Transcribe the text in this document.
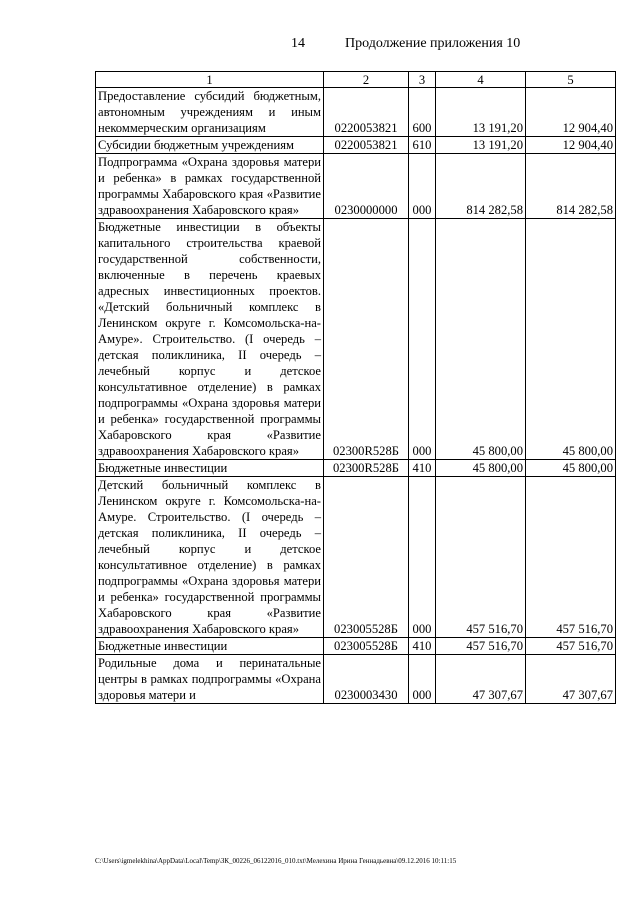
14	Продолжение приложения 10
1	2	3	4	5
Предоставление субсидий бюджетным, автономным учреждениям и иным некоммерческим организациям	0220053821	600	13 191,20	12 904,40
Субсидии бюджетным учреждениям	0220053821	610	13 191,20	12 904,40
Подпрограмма «Охрана здоровья матери и ребенка» в рамках государственной программы Хабаровского края «Развитие здравоохранения Хабаровского края»	0230000000	000	814 282,58	814 282,58
Бюджетные инвестиции в объекты капитального строительства краевой государственной собственности, включенные в перечень краевых адресных инвестиционных проектов. «Детский больничный комплекс в Ленинском округе г. Комсомольска-на-Амуре». Строительство. (I очередь – детская поликлиника, II очередь – лечебный корпус и детское консультативное отделение) в рамках подпрограммы «Охрана здоровья матери и ребенка» государственной программы Хабаровского края «Развитие здравоохранения Хабаровского края»	02300R528Б	000	45 800,00	45 800,00
Бюджетные инвестиции	02300R528Б	410	45 800,00	45 800,00
Детский больничный комплекс в Ленинском округе г. Комсомольска-на-Амуре. Строительство. (I очередь – детская поликлиника, II очередь – лечебный корпус и детское консультативное отделение) в рамках подпрограммы «Охрана здоровья матери и ребенка» государственной программы Хабаровского края «Развитие здравоохранения Хабаровского края»	023005528Б	000	457 516,70	457 516,70
Бюджетные инвестиции	023005528Б	410	457 516,70	457 516,70
Родильные дома и перинатальные центры в рамках подпрограммы «Охрана здоровья матери и	0230003430	000	47 307,67	47 307,67
C:\Users\igmelekhina\AppData\Local\Temp\ЗК_00226_06122016_010.txt\Мелехина Ирина Геннадьевна\09.12.2016 10:11:15
